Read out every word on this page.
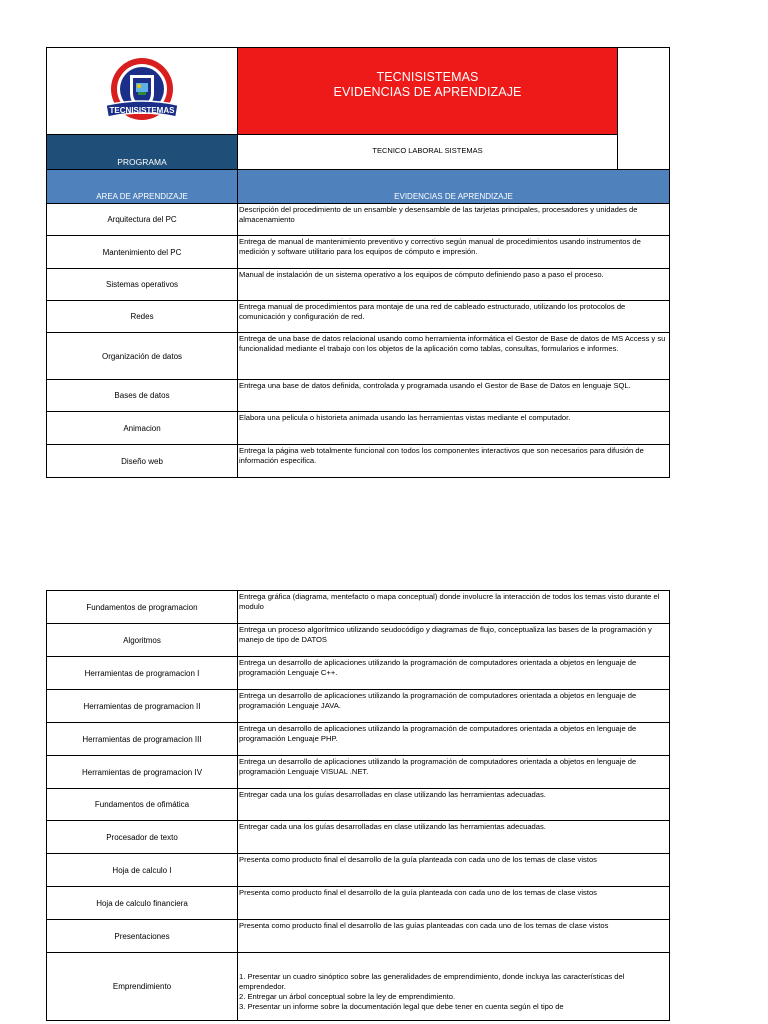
TECNISISTEMAS	TECNISISTEMAS
EVIDENCIAS DE APRENDIZAJE	

PROGRAMA	TECNICO LABORAL SISTEMAS	
AREA DE APRENDIZAJE	EVIDENCIAS DE APRENDIZAJE	
Arquitectura del PC	Descripción del procedimiento de un ensamble y desensamble de las tarjetas principales, procesadores y unidades de almacenamiento	
Mantenimiento del PC	Entrega de manual de mantenimiento preventivo y correctivo según manual de procedimientos usando instrumentos de medición y software utilitario para los equipos de cómputo e impresión.	
Sistemas operativos	Manual de instalación de un sistema operativo a los equipos de cómputo definiendo paso a paso el proceso.	
Redes	Entrega manual de procedimientos para montaje de una red de cableado estructurado, utilizando los protocolos de comunicación y configuración de red.	
Organización de datos	Entrega de una base de datos relacional usando como herramienta informática el Gestor de Base de datos de MS Access y su funcionalidad mediante el trabajo con los objetos de la aplicación como tablas, consultas, formularios e informes.	
Bases de datos	Entrega una base de datos definida, controlada y programada usando el Gestor de Base de Datos en lenguaje SQL.	
Animacion	Elabora una pelicula o historieta animada usando las herramientas vistas mediante el computador.	
Diseño web	Entrega la página web totalmente funcional con todos los componentes interactivos que son necesarios para difusión de información especifica.	
Fundamentos de programacion	Entrega gráfica (diagrama, mentefacto o mapa conceptual) donde involucre la interacción de todos los temas visto durante el modulo
Algoritmos	Entrega un proceso algorítmico utilizando seudocódigo y diagramas de flujo, conceptualiza las bases de la programación y manejo de tipo de DATOS
Herramientas de programacion I	Entrega un desarrollo de aplicaciones utilizando la programación de computadores orientada a objetos en lenguaje de programación Lenguaje C++.
Herramientas de programacion II	Entrega un desarrollo de aplicaciones utilizando la programación de computadores orientada a objetos en lenguaje de programación Lenguaje JAVA.
Herramientas de programacion III	Entrega un desarrollo de aplicaciones utilizando la programación de computadores orientada a objetos en lenguaje de programación Lenguaje PHP.
Herramientas de programacion IV	Entrega un desarrollo de aplicaciones utilizando la programación de computadores orientada a objetos en lenguaje de programación Lenguaje VISUAL .NET.
Fundamentos de ofimática	Entregar cada una los guías desarrolladas en clase utilizando las herramientas adecuadas.
Procesador de texto	Entregar cada una los guías desarrolladas en clase utilizando las herramientas adecuadas.
Hoja de calculo I	Presenta como producto final el desarrollo de la guía planteada con cada uno de los temas de clase vistos
Hoja de calculo financiera	Presenta como producto final el desarrollo de la guía planteada con cada uno de los temas de clase vistos
Presentaciones	Presenta como producto final el desarrollo de las guías planteadas con cada uno de los temas de clase vistos
Emprendimiento	1. Presentar un cuadro sinóptico sobre las generalidades de emprendimiento, donde incluya las características del emprendedor.
2. Entregar un árbol conceptual sobre la ley de emprendimiento.
3. Presentar un informe sobre la documentación legal que debe tener en cuenta según el tipo de
